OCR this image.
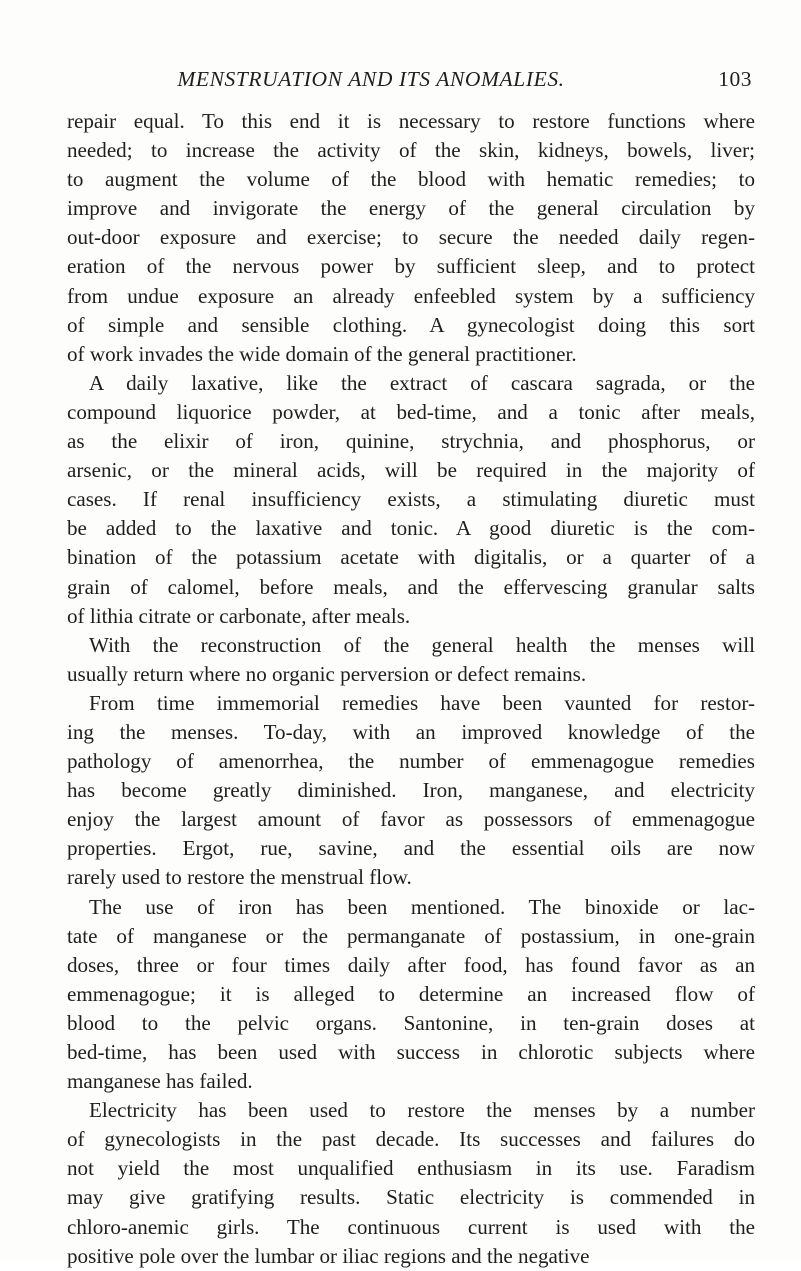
MENSTRUATION AND ITS ANOMALIES.	103
repair equal. To this end it is necessary to restore functions where
needed; to increase the activity of the skin, kidneys, bowels, liver;
to augment the volume of the blood with hematic remedies; to
improve and invigorate the energy of the general circulation by
out-door exposure and exercise; to secure the needed daily regen-
eration of the nervous power by sufficient sleep, and to protect
from undue exposure an already enfeebled system by a sufficiency
of simple and sensible clothing. A gynecologist doing this sort
of work invades the wide domain of the general practitioner.
A daily laxative, like the extract of cascara sagrada, or the
compound liquorice powder, at bed-time, and a tonic after meals,
as the elixir of iron, quinine, strychnia, and phosphorus, or
arsenic, or the mineral acids, will be required in the majority of
cases. If renal insufficiency exists, a stimulating diuretic must
be added to the laxative and tonic. A good diuretic is the com-
bination of the potassium acetate with digitalis, or a quarter of a
grain of calomel, before meals, and the effervescing granular salts
of lithia citrate or carbonate, after meals.
With the reconstruction of the general health the menses will
usually return where no organic perversion or defect remains.
From time immemorial remedies have been vaunted for restor-
ing the menses. To-day, with an improved knowledge of the
pathology of amenorrhea, the number of emmenagogue remedies
has become greatly diminished. Iron, manganese, and electricity
enjoy the largest amount of favor as possessors of emmenagogue
properties. Ergot, rue, savine, and the essential oils are now
rarely used to restore the menstrual flow.
The use of iron has been mentioned. The binoxide or lac-
tate of manganese or the permanganate of postassium, in one-grain
doses, three or four times daily after food, has found favor as an
emmenagogue; it is alleged to determine an increased flow of
blood to the pelvic organs. Santonine, in ten-grain doses at
bed-time, has been used with success in chlorotic subjects where
manganese has failed.
Electricity has been used to restore the menses by a number
of gynecologists in the past decade. Its successes and failures do
not yield the most unqualified enthusiasm in its use. Faradism
may give gratifying results. Static electricity is commended in
chloro-anemic girls. The continuous current is used with the
positive pole over the lumbar or iliac regions and the negative
